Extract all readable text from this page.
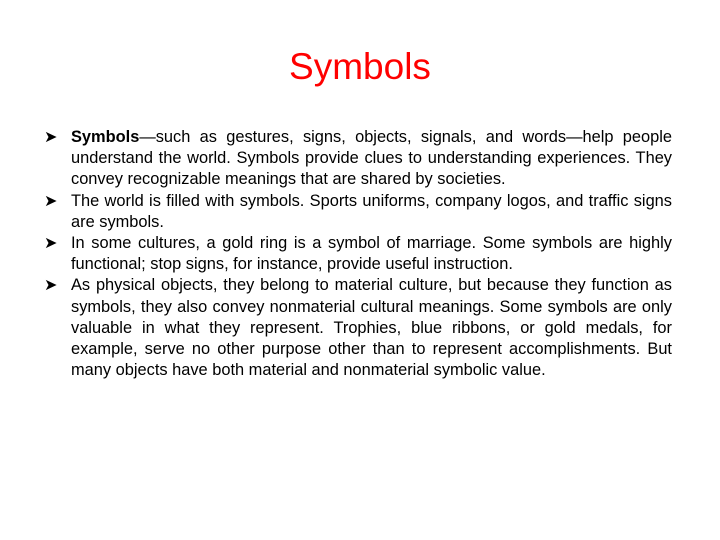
Symbols
➤ Symbols—such as gestures, signs, objects, signals, and words—help people understand the world. Symbols provide clues to understanding experiences. They convey recognizable meanings that are shared by societies.
➤ The world is filled with symbols. Sports uniforms, company logos, and traffic signs are symbols.
➤ In some cultures, a gold ring is a symbol of marriage. Some symbols are highly functional; stop signs, for instance, provide useful instruction.
➤ As physical objects, they belong to material culture, but because they function as symbols, they also convey nonmaterial cultural meanings. Some symbols are only valuable in what they represent. Trophies, blue ribbons, or gold medals, for example, serve no other purpose other than to represent accomplishments. But many objects have both material and nonmaterial symbolic value.
